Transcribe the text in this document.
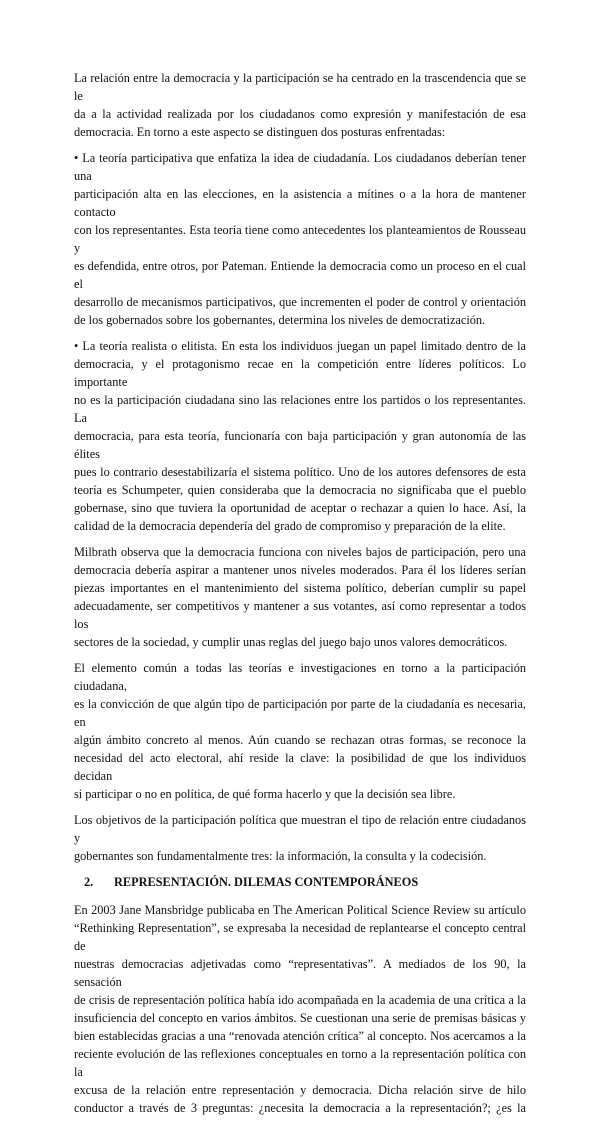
La relación entre la democracia y la participación se ha centrado en la trascendencia que se le
da a la actividad realizada por los ciudadanos como expresión y manifestación de esa
democracia. En torno a este aspecto se distinguen dos posturas enfrentadas:
• La teoría participativa que enfatiza la idea de ciudadanía. Los ciudadanos deberían tener una
participación alta en las elecciones, en la asistencia a mítines o a la hora de mantener contacto
con los representantes. Esta teoría tiene como antecedentes los planteamientos de Rousseau y
es defendida, entre otros, por Pateman. Entiende la democracia como un proceso en el cual el
desarrollo de mecanismos participativos, que incrementen el poder de control y orientación
de los gobernados sobre los gobernantes, determina los niveles de democratización.
• La teoría realista o elitista. En esta los individuos juegan un papel limitado dentro de la
democracia, y el protagonismo recae en la competición entre líderes políticos. Lo importante
no es la participación ciudadana sino las relaciones entre los partidos o los representantes. La
democracia, para esta teoría, funcionaría con baja participación y gran autonomía de las élites
pues lo contrario desestabilizaría el sistema político. Uno de los autores defensores de esta
teoría es Schumpeter, quien consideraba que la democracia no significaba que el pueblo
gobernase, sino que tuviera la oportunidad de aceptar o rechazar a quien lo hace. Así, la
calidad de la democracia dependería del grado de compromiso y preparación de la elite.
Milbrath observa que la democracia funciona con niveles bajos de participación, pero una
democracia debería aspirar a mantener unos niveles moderados. Para él los líderes serían
piezas importantes en el mantenimiento del sistema político, deberían cumplir su papel
adecuadamente, ser competitivos y mantener a sus votantes, así como representar a todos los
sectores de la sociedad, y cumplir unas reglas del juego bajo unos valores democráticos.
El elemento común a todas las teorías e investigaciones en torno a la participación ciudadana,
es la convicción de que algún tipo de participación por parte de la ciudadanía es necesaria, en
algún ámbito concreto al menos. Aún cuando se rechazan otras formas, se reconoce la
necesidad del acto electoral, ahí reside la clave: la posibilidad de que los individuos decidan
si participar o no en política, de qué forma hacerlo y que la decisión sea libre.
Los objetivos de la participación política que muestran el tipo de relación entre ciudadanos y
gobernantes son fundamentalmente tres: la información, la consulta y la codecisión.
2.	REPRESENTACIÓN. DILEMAS CONTEMPORÁNEOS
En 2003 Jane Mansbridge publicaba en The American Political Science Review su artículo
“Rethinking Representation”, se expresaba la necesidad de replantearse el concepto central de
nuestras democracias adjetivadas como “representativas”. A mediados de los 90, la sensación
de crisis de representación política había ido acompañada en la academia de una crítica a la
insuficiencia del concepto en varios ámbitos. Se cuestionan una serie de premisas básicas y
bien establecidas gracias a una “renovada atención crítica” al concepto. Nos acercamos a la
reciente evolución de las reflexiones conceptuales en torno a la representación política con la
excusa de la relación entre representación y democracia. Dicha relación sirve de hilo
conductor a través de 3 preguntas: ¿necesita la democracia a la representación?; ¿es la
